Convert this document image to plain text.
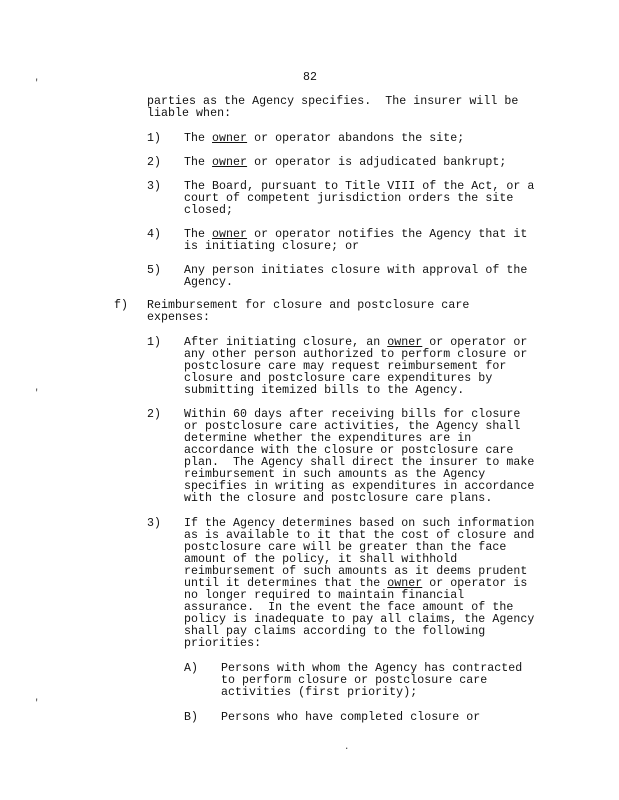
'
'
'
82
parties as the Agency specifies.  The insurer will be
liable when:
1) The owner or operator abandons the site;
2) The owner or operator is adjudicated bankrupt;
3) The Board, pursuant to Title VIII of the Act, or a
court of competent jurisdiction orders the site
closed;
4) The owner or operator notifies the Agency that it
is initiating closure; or
5) Any person initiates closure with approval of the
Agency.
f) Reimbursement for closure and postclosure care
expenses:
1) After initiating closure, an owner or operator or
any other person authorized to perform closure or
postclosure care may request reimbursement for
closure and postclosure care expenditures by
submitting itemized bills to the Agency.
2) Within 60 days after receiving bills for closure
or postclosure care activities, the Agency shall
determine whether the expenditures are in
accordance with the closure or postclosure care
plan.  The Agency shall direct the insurer to make
reimbursement in such amounts as the Agency
specifies in writing as expenditures in accordance
with the closure and postclosure care plans.
3) If the Agency determines based on such information
as is available to it that the cost of closure and
postclosure care will be greater than the face
amount of the policy, it shall withhold
reimbursement of such amounts as it deems prudent
until it determines that the owner or operator is
no longer required to maintain financial
assurance.  In the event the face amount of the
policy is inadequate to pay all claims, the Agency
shall pay claims according to the following
priorities:
A) Persons with whom the Agency has contracted
to perform closure or postclosure care
activities (first priority);
B) Persons who have completed closure or
.
